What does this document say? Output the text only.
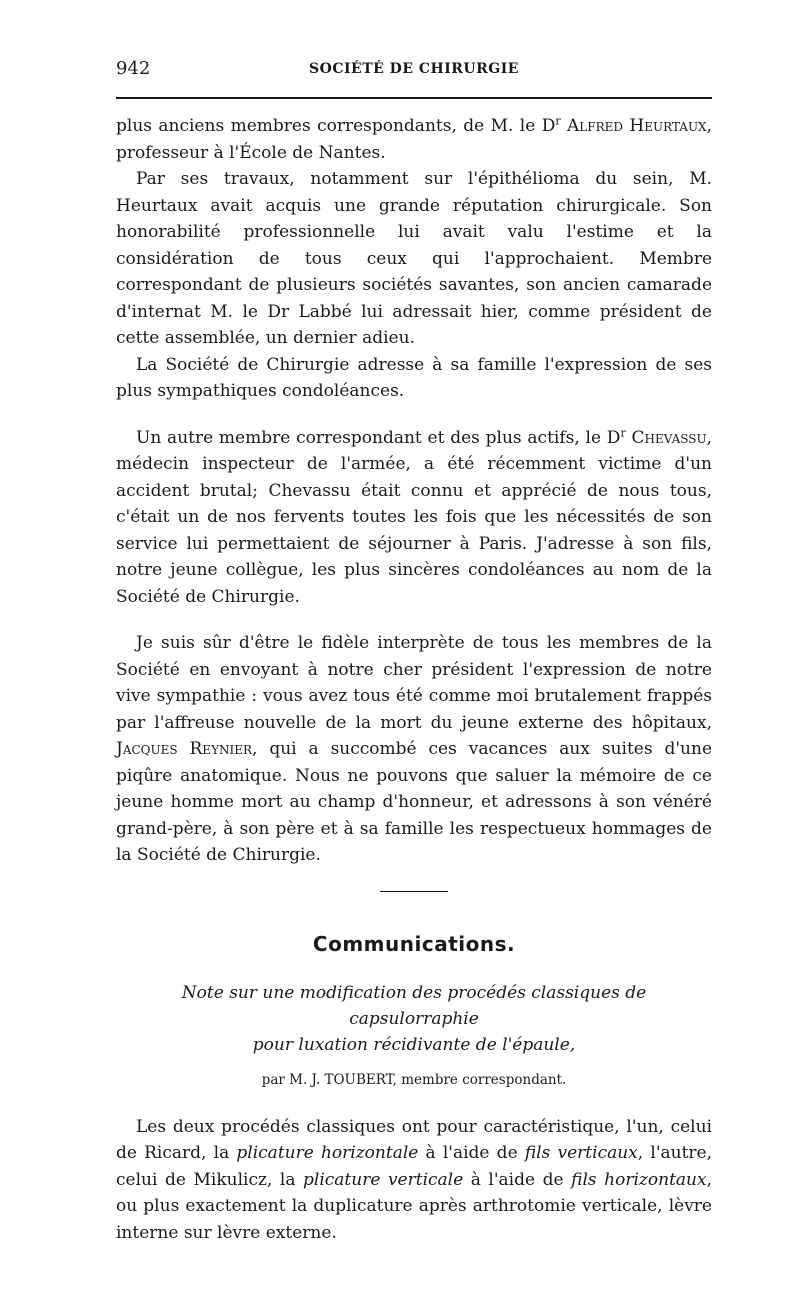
942	SOCIÉTÉ DE CHIRURGIE

plus anciens membres correspondants, de M. le $D^r$ Alfred Heurtaux, professeur à l'École de Nantes.

Par ses travaux, notamment sur l'épithélioma du sein, M. Heurtaux avait acquis une grande réputation chirurgicale. Son honorabilité professionnelle lui avait valu l'estime et la considération de tous ceux qui l'approchaient. Membre correspondant de plusieurs sociétés savantes, son ancien camarade d'internat M. le Dr Labbé lui adressait hier, comme président de cette assemblée, un dernier adieu.

La Société de Chirurgie adresse à sa famille l'expression de ses plus sympathiques condoléances.

Un autre membre correspondant et des plus actifs, le $D^r$ Chevassu, médecin inspecteur de l'armée, a été récemment victime d'un accident brutal; Chevassu était connu et apprécié de nous tous, c'était un de nos fervents toutes les fois que les nécessités de son service lui permettaient de séjourner à Paris. J'adresse à son fils, notre jeune collègue, les plus sincères condoléances au nom de la Société de Chirurgie.

Je suis sûr d'être le fidèle interprète de tous les membres de la Société en envoyant à notre cher président l'expression de notre vive sympathie : vous avez tous été comme moi brutalement frappés par l'affreuse nouvelle de la mort du jeune externe des hôpitaux, Jacques Reynier, qui a succombé ces vacances aux suites d'une piqûre anatomique. Nous ne pouvons que saluer la mémoire de ce jeune homme mort au champ d'honneur, et adressons à son vénéré grand-père, à son père et à sa famille les respectueux hommages de la Société de Chirurgie.

Communications.
Note sur une modification des procédés classiques de capsulorraphie
pour luxation récidivante de l'épaule,
par M. J. TOUBERT, membre correspondant.

Les deux procédés classiques ont pour caractéristique, l'un, celui de Ricard, la plicature horizontale à l'aide de fils verticaux, l'autre, celui de Mikulicz, la plicature verticale à l'aide de fils horizontaux, ou plus exactement la duplicature après arthrotomie verticale, lèvre interne sur lèvre externe.
